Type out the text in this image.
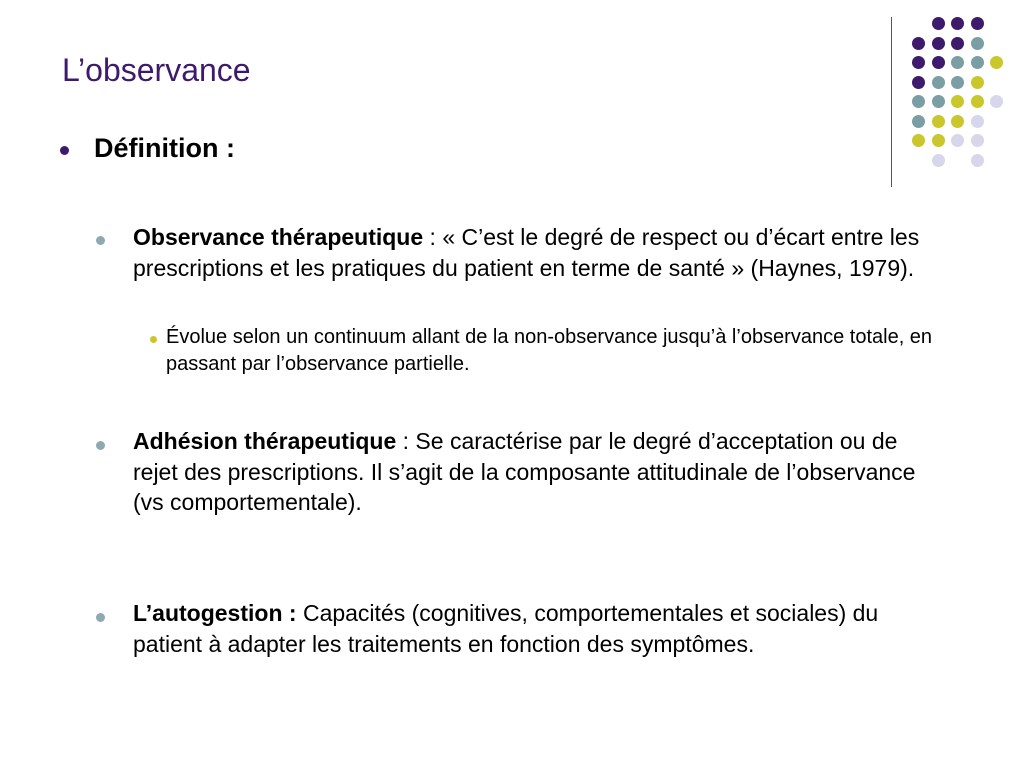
L’observance
Définition :
Observance thérapeutique : « C’est le degré de respect ou d’écart entre les prescriptions et les pratiques du patient en terme de santé » (Haynes, 1979).
Évolue selon un continuum allant de la non-observance jusqu’à l’observance totale, en passant par l’observance partielle.
Adhésion thérapeutique : Se caractérise par le degré d’acceptation ou de rejet des prescriptions. Il s’agit de la composante attitudinale de l’observance (vs comportementale).
L’autogestion : Capacités (cognitives, comportementales et sociales) du patient à adapter les traitements en fonction des symptômes.
